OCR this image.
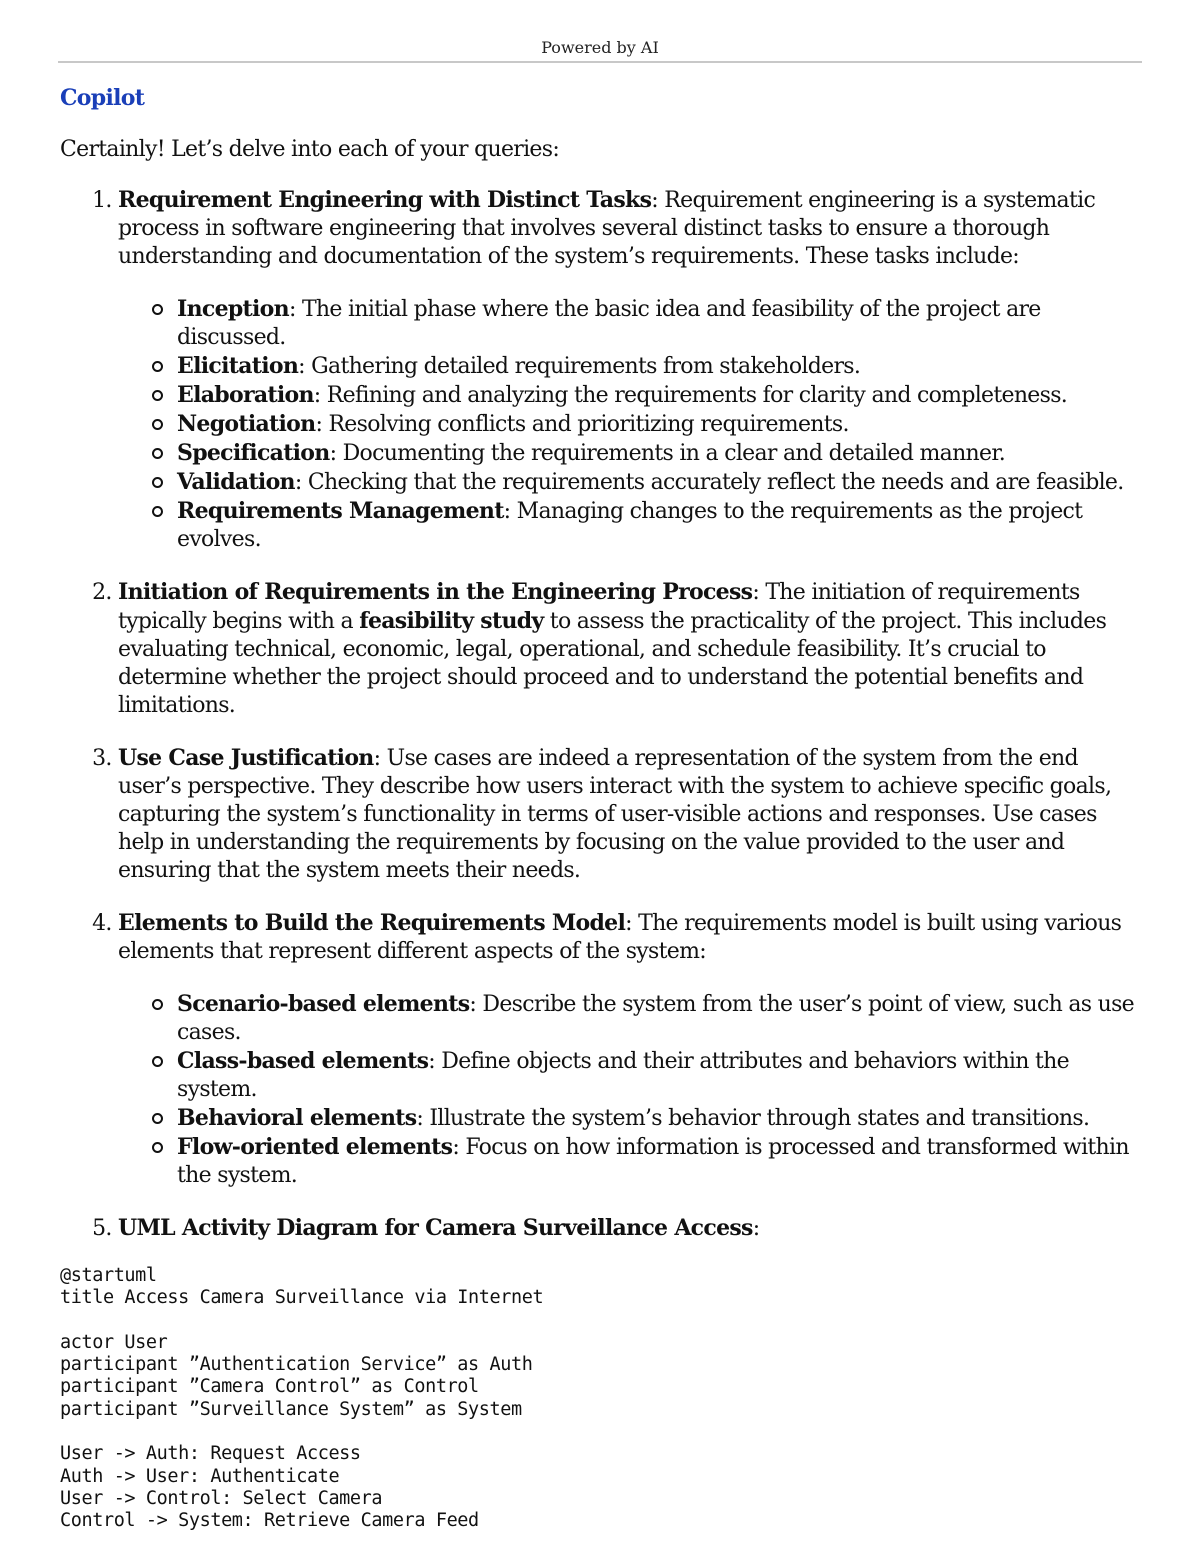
Powered by AI
Copilot

Certainly! Let’s delve into each of your queries:

1. Requirement Engineering with Distinct Tasks: Requirement engineering is a systematic process in software engineering that involves several distinct tasks to ensure a thorough understanding and documentation of the system’s requirements. These tasks include:

Inception: The initial phase where the basic idea and feasibility of the project are discussed.
Elicitation: Gathering detailed requirements from stakeholders.
Elaboration: Refining and analyzing the requirements for clarity and completeness.
Negotiation: Resolving conflicts and prioritizing requirements.
Specification: Documenting the requirements in a clear and detailed manner.
Validation: Checking that the requirements accurately reflect the needs and are feasible.
Requirements Management: Managing changes to the requirements as the project evolves.

2. Initiation of Requirements in the Engineering Process: The initiation of requirements typically begins with a feasibility study to assess the practicality of the project. This includes evaluating technical, economic, legal, operational, and schedule feasibility. It’s crucial to determine whether the project should proceed and to understand the potential benefits and limitations.

3. Use Case Justification: Use cases are indeed a representation of the system from the end user’s perspective. They describe how users interact with the system to achieve specific goals, capturing the system’s functionality in terms of user-visible actions and responses. Use cases help in understanding the requirements by focusing on the value provided to the user and ensuring that the system meets their needs.

4. Elements to Build the Requirements Model: The requirements model is built using various elements that represent different aspects of the system:

Scenario-based elements: Describe the system from the user’s point of view, such as use cases.
Class-based elements: Define objects and their attributes and behaviors within the system.
Behavioral elements: Illustrate the system’s behavior through states and transitions.
Flow-oriented elements: Focus on how information is processed and transformed within the system.

5. UML Activity Diagram for Camera Surveillance Access:

@startuml
title Access Camera Surveillance via Internet

actor User
participant ”Authentication Service” as Auth
participant ”Camera Control” as Control
participant ”Surveillance System” as System

User -> Auth: Request Access
Auth -> User: Authenticate
User -> Control: Select Camera
Control -> System: Retrieve Camera Feed
